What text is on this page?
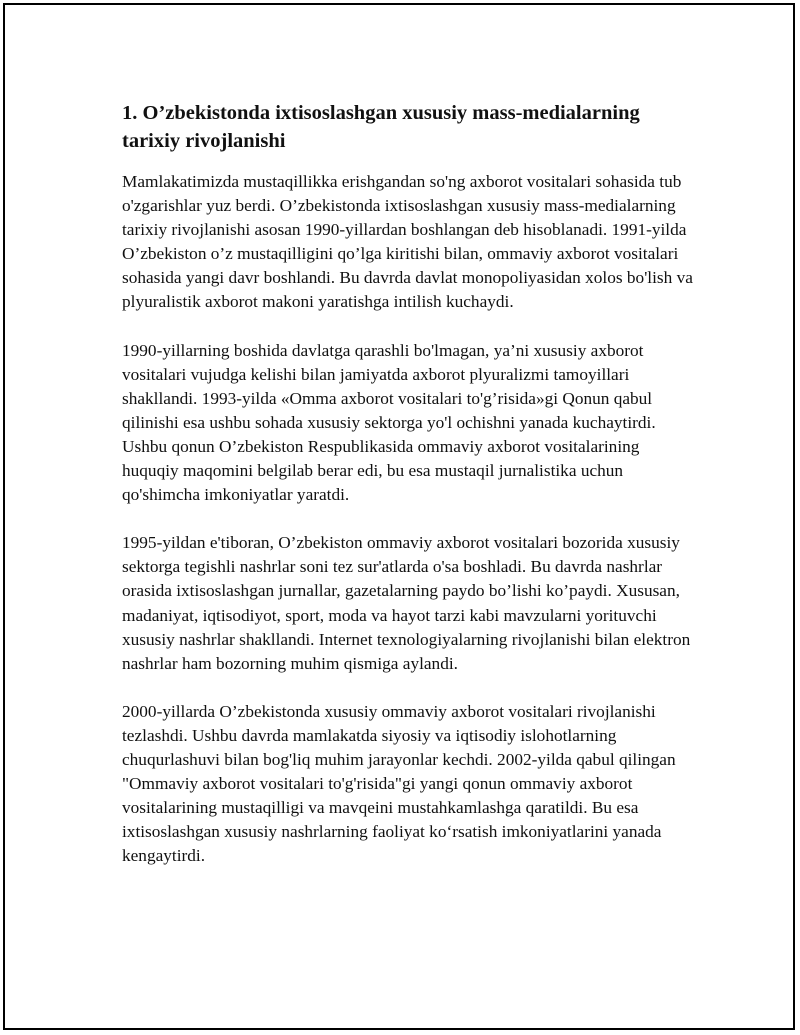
1. O’zbekistonda ixtisoslashgan xususiy mass-medialarning tarixiy rivojlanishi

Mamlakatimizda mustaqillikka erishgandan so'ng axborot vositalari sohasida tub o'zgarishlar yuz berdi. O’zbekistonda ixtisoslashgan xususiy mass-medialarning tarixiy rivojlanishi asosan 1990-yillardan boshlangan deb hisoblanadi. 1991-yilda O’zbekiston o’z mustaqilligini qo’lga kiritishi bilan, ommaviy axborot vositalari sohasida yangi davr boshlandi. Bu davrda davlat monopoliyasidan xolos bo'lish va plyuralistik axborot makoni yaratishga intilish kuchaydi.

1990-yillarning boshida davlatga qarashli bo'lmagan, ya’ni xususiy axborot vositalari vujudga kelishi bilan jamiyatda axborot plyuralizmi tamoyillari shakllandi. 1993-yilda «Omma axborot vositalari to'g’risida»gi Qonun qabul qilinishi esa ushbu sohada xususiy sektorga yo'l ochishni yanada kuchaytirdi. Ushbu qonun O’zbekiston Respublikasida ommaviy axborot vositalarining huquqiy maqomini belgilab berar edi, bu esa mustaqil jurnalistika uchun qo'shimcha imkoniyatlar yaratdi.

1995-yildan e'tiboran, O’zbekiston ommaviy axborot vositalari bozorida xususiy sektorga tegishli nashrlar soni tez sur'atlarda o'sa boshladi. Bu davrda nashrlar orasida ixtisoslashgan jurnallar, gazetalarning paydo bo’lishi ko’paydi. Xususan, madaniyat, iqtisodiyot, sport, moda va hayot tarzi kabi mavzularni yorituvchi xususiy nashrlar shakllandi. Internet texnologiyalarning rivojlanishi bilan elektron nashrlar ham bozorning muhim qismiga aylandi.

2000-yillarda O’zbekistonda xususiy ommaviy axborot vositalari rivojlanishi tezlashdi. Ushbu davrda mamlakatda siyosiy va iqtisodiy islohotlarning chuqurlashuvi bilan bog'liq muhim jarayonlar kechdi. 2002-yilda qabul qilingan "Ommaviy axborot vositalari to'g'risida"gi yangi qonun ommaviy axborot vositalarining mustaqilligi va mavqeini mustahkamlashga qaratildi. Bu esa ixtisoslashgan xususiy nashrlarning faoliyat ko‘rsatish imkoniyatlarini yanada kengaytirdi.
